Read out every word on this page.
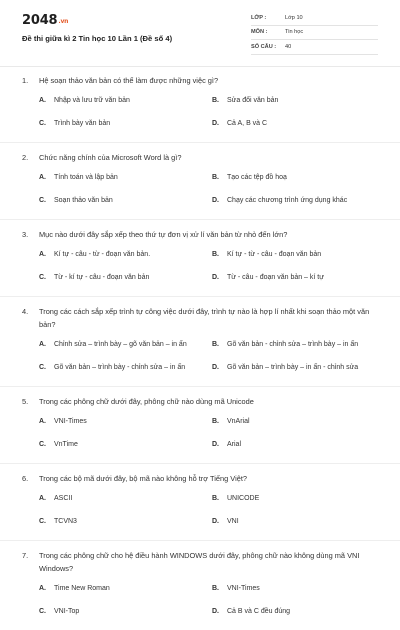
2048.vn
Đề thi giữa kì 2 Tin học 10 Lần 1 (Đề số 4)
LỚP :	Lớp 10
MÔN :	Tin học
SỐ CÂU :	40
1.	Hệ soạn thảo văn bản có thể làm được những việc gì?
A.	Nhập và lưu trữ văn bản	B.	Sửa đổi văn bản
C.	Trình bày văn bản	D.	Cả A, B và C
2.	Chức năng chính của Microsoft Word là gì?
A.	Tính toán và lập bản	B.	Tạo các tệp đồ hoạ
C.	Soạn thảo văn bản	D.	Chạy các chương trình ứng dụng khác
3.	Mục nào dưới đây sắp xếp theo thứ tự đơn vị xử lí văn bản từ nhỏ đến lớn?
A.	Kí tự - câu - từ - đoạn văn bản.	B.	Kí tự - từ - câu - đoạn văn bản
C.	Từ - kí tự - câu - đoạn văn bản	D.	Từ - câu - đoạn văn bản – kí tự
4.	Trong các cách sắp xếp trình tự công việc dưới đây, trình tự nào là hợp lí nhất khi soạn thảo một văn bản?
A.	Chỉnh sửa – trình bày – gõ văn bản – in ấn	B.	Gõ văn bản - chỉnh sửa – trình bày – in ấn
C.	Gõ văn bản – trình bày - chỉnh sửa – in ấn	D.	Gõ văn bản – trình bày – in ấn - chỉnh sửa
5.	Trong các phông chữ dưới đây, phông chữ nào dùng mã Unicode
A.	VNI-Times	B.	VnArial
C.	VnTime	D.	Arial
6.	Trong các bộ mã dưới đây, bộ mã nào không hỗ trợ Tiếng Việt?
A.	ASCII	B.	UNICODE
C.	TCVN3	D.	VNI
7.	Trong các phông chữ cho hệ điều hành WINDOWS dưới đây, phông chữ nào không dùng mã VNI Windows?
A.	Time New Roman	B.	VNI-Times
C.	VNI-Top	D.	Cả B và C đều đúng
